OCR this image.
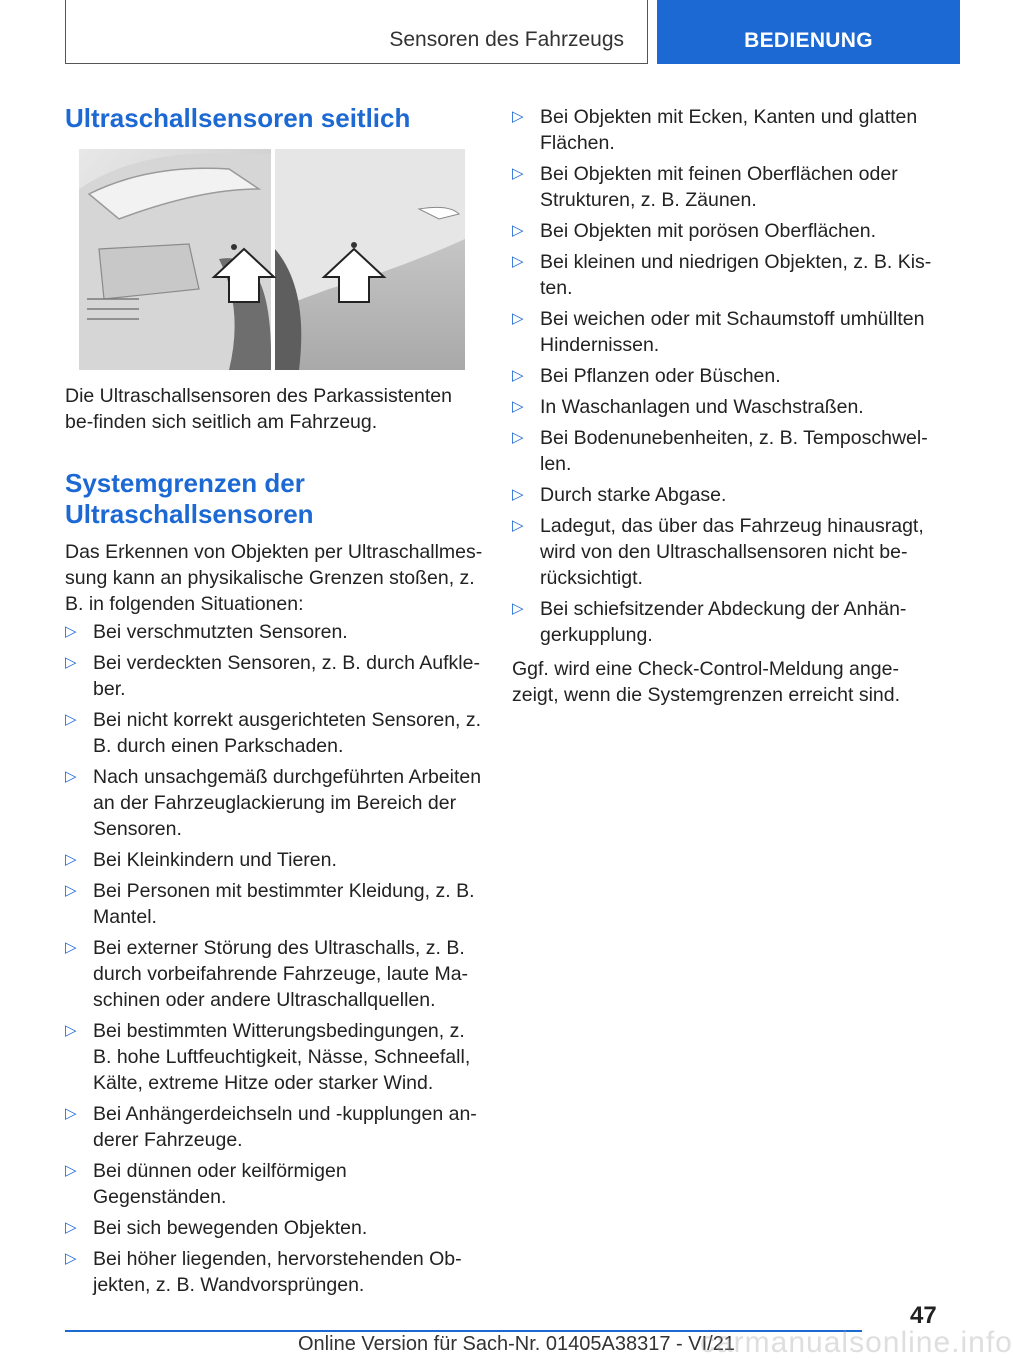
Sensoren des Fahrzeugs	BEDIENUNG
Ultraschallsensoren seitlich

Die Ultraschallsensoren des Parkassistenten be-finden sich seitlich am Fahrzeug.

Systemgrenzen der Ultraschallsensoren

Das Erkennen von Objekten per Ultraschallmes-sung kann an physikalische Grenzen stoßen, z. B. in folgenden Situationen:

▷ Bei verschmutzten Sensoren.
▷ Bei verdeckten Sensoren, z. B. durch Aufkle-ber.
▷ Bei nicht korrekt ausgerichteten Sensoren, z. B. durch einen Parkschaden.
▷ Nach unsachgemäß durchgeführten Arbeiten an der Fahrzeuglackierung im Bereich der Sensoren.
▷ Bei Kleinkindern und Tieren.
▷ Bei Personen mit bestimmter Kleidung, z. B. Mantel.
▷ Bei externer Störung des Ultraschalls, z. B. durch vorbeifahrende Fahrzeuge, laute Ma-schinen oder andere Ultraschallquellen.
▷ Bei bestimmten Witterungsbedingungen, z. B. hohe Luftfeuchtigkeit, Nässe, Schneefall, Kälte, extreme Hitze oder starker Wind.
▷ Bei Anhängerdeichseln und -kupplungen an-derer Fahrzeuge.
▷ Bei dünnen oder keilförmigen Gegenständen.
▷ Bei sich bewegenden Objekten.
▷ Bei höher liegenden, hervorstehenden Ob-jekten, z. B. Wandvorsprüngen.
▷ Bei Objekten mit Ecken, Kanten und glatten Flächen.
▷ Bei Objekten mit feinen Oberflächen oder Strukturen, z. B. Zäunen.
▷ Bei Objekten mit porösen Oberflächen.
▷ Bei kleinen und niedrigen Objekten, z. B. Kis-ten.
▷ Bei weichen oder mit Schaumstoff umhüllten Hindernissen.
▷ Bei Pflanzen oder Büschen.
▷ In Waschanlagen und Waschstraßen.
▷ Bei Bodenunebenheiten, z. B. Temposchwel-len.
▷ Durch starke Abgase.
▷ Ladegut, das über das Fahrzeug hinausragt, wird von den Ultraschallsensoren nicht be-rücksichtigt.
▷ Bei schiefsitzender Abdeckung der Anhän-gerkupplung.

Ggf. wird eine Check-Control-Meldung ange-zeigt, wenn die Systemgrenzen erreicht sind.

47
Online Version für Sach-Nr. 01405A38317 - VI/21
carmanualsonline.info
